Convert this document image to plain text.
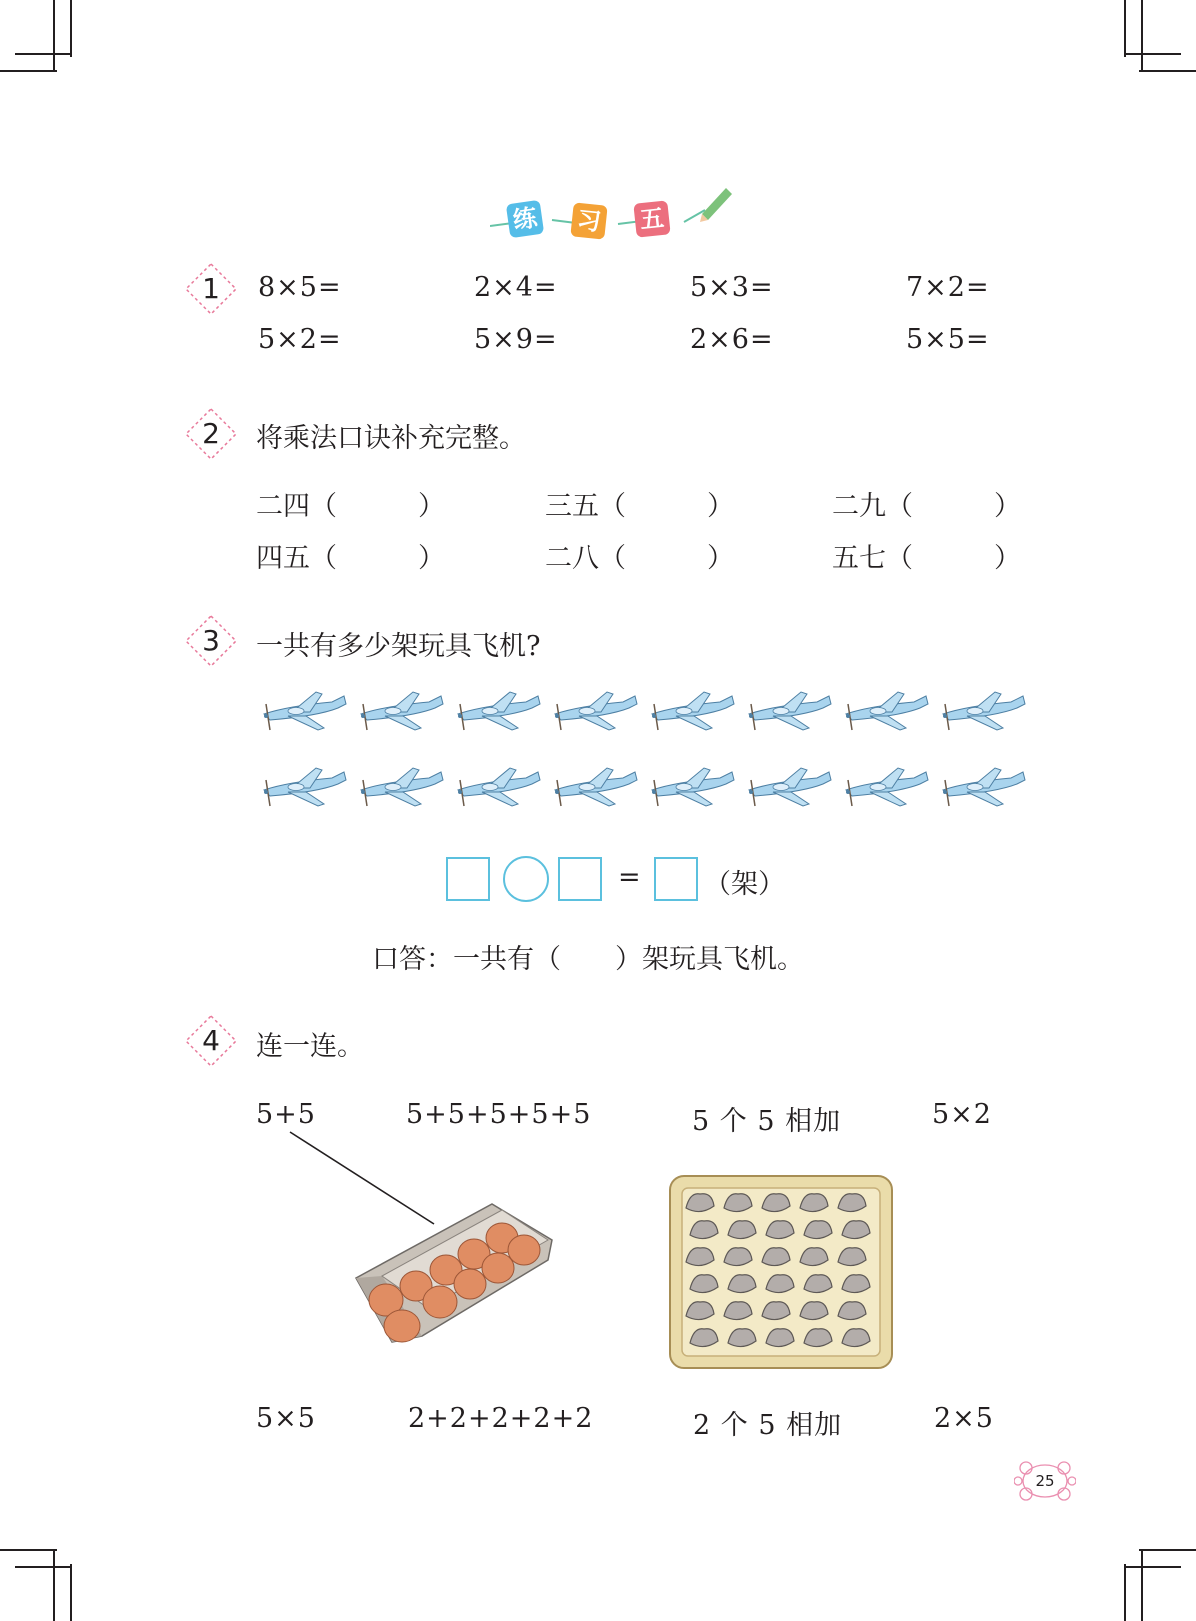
练 习 五
1	8×5=	2×4=	5×3=	7×2=
5×2=	5×9=	2×6=	5×5=
2	将乘法口诀补充完整。
二四（　　　）	三五（　　　）	二九（　　　）
四五（　　　）	二八（　　　）	五七（　　　）
3	一共有多少架玩具飞机?
= （架）
口答：一共有（　　）架玩具飞机。
4	连一连。
5+5	5+5+5+5+5	5 个 5 相加	5×2
5×5	2+2+2+2+2	2 个 5 相加	2×5
25
